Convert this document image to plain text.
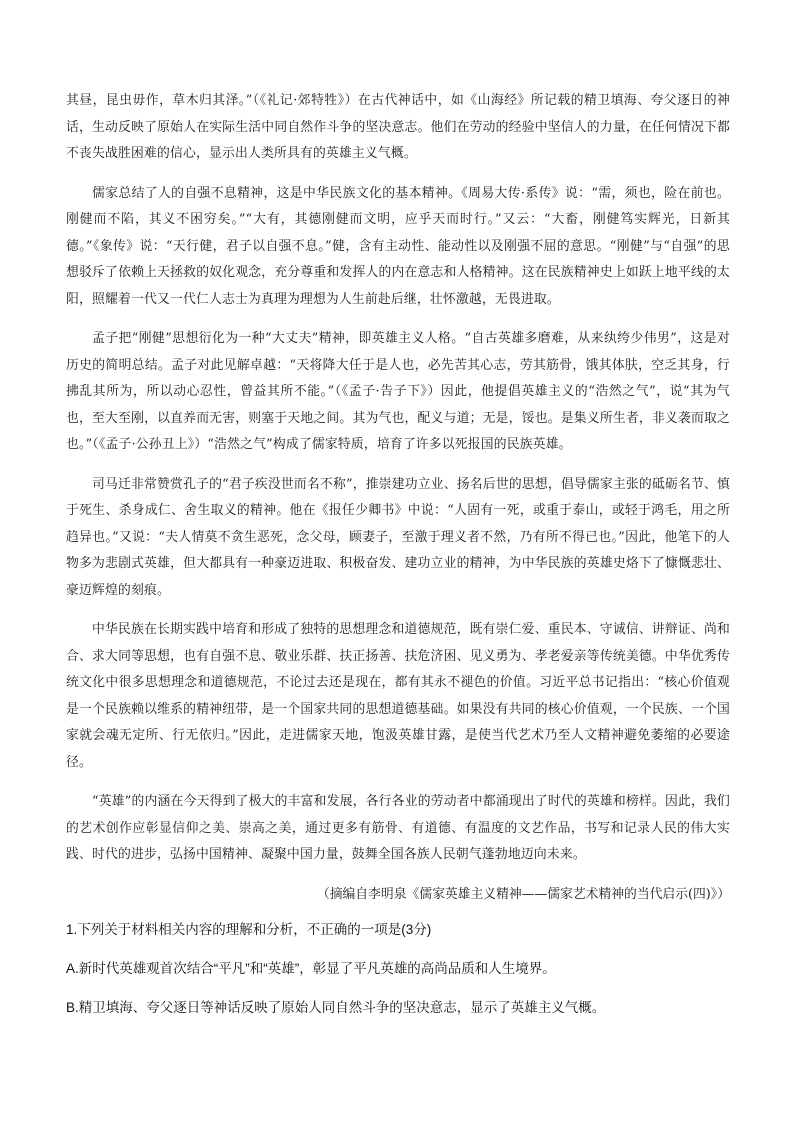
其昼，昆虫毋作，草木归其泽。”（《礼记·郊特牲》）在古代神话中，如《山海经》所记载的精卫填海、夸父逐日的神话，生动反映了原始人在实际生活中同自然作斗争的坚决意志。他们在劳动的经验中坚信人的力量，在任何情况下都不丧失战胜困难的信心，显示出人类所具有的英雄主义气概。

儒家总结了人的自强不息精神，这是中华民族文化的基本精神。《周易大传·系传》说：“需，须也，险在前也。刚健而不陷，其义不困穷矣。”“大有，其德刚健而文明，应乎天而时行。”又云：“大畜，刚健笃实辉光，日新其德。”《象传》说：“天行健，君子以自强不息。”健，含有主动性、能动性以及刚强不屈的意思。“刚健”与“自强”的思想驳斥了依赖上天拯救的奴化观念，充分尊重和发挥人的内在意志和人格精神。这在民族精神史上如跃上地平线的太阳，照耀着一代又一代仁人志士为真理为理想为人生前赴后继，壮怀激越，无畏进取。

孟子把“刚健”思想衍化为一种“大丈夫”精神，即英雄主义人格。“自古英雄多磨难，从来纨绔少伟男”，这是对历史的简明总结。孟子对此见解卓越：“天将降大任于是人也，必先苦其心志，劳其筋骨，饿其体肤，空乏其身，行拂乱其所为，所以动心忍性，曾益其所不能。”（《孟子·告子下》）因此，他提倡英雄主义的“浩然之气”，说“其为气也，至大至刚，以直养而无害，则塞于天地之间。其为气也，配义与道；无是，馁也。是集义所生者，非义袭而取之也。”（《孟子·公孙丑上》）“浩然之气”构成了儒家特质，培育了许多以死报国的民族英雄。

司马迁非常赞赏孔子的“君子疾没世而名不称”，推崇建功立业、扬名后世的思想，倡导儒家主张的砥砺名节、慎于死生、杀身成仁、舍生取义的精神。他在《报任少卿书》中说：“人固有一死，或重于泰山，或轻于鸿毛，用之所趋异也。”又说：“夫人情莫不贪生恶死，念父母，顾妻子，至激于理义者不然，乃有所不得已也。”因此，他笔下的人物多为悲剧式英雄，但大都具有一种豪迈进取、积极奋发、建功立业的精神，为中华民族的英雄史烙下了慷慨悲壮、豪迈辉煌的刻痕。

中华民族在长期实践中培育和形成了独特的思想理念和道德规范，既有崇仁爱、重民本、守诚信、讲辩证、尚和合、求大同等思想，也有自强不息、敬业乐群、扶正扬善、扶危济困、见义勇为、孝老爱亲等传统美德。中华优秀传统文化中很多思想理念和道德规范，不论过去还是现在，都有其永不褪色的价值。习近平总书记指出：“核心价值观是一个民族赖以维系的精神纽带，是一个国家共同的思想道德基础。如果没有共同的核心价值观，一个民族、一个国家就会魂无定所、行无依归。”因此，走进儒家天地，饱汲英雄甘露，是使当代艺术乃至人文精神避免萎缩的必要途径。

“英雄”的内涵在今天得到了极大的丰富和发展，各行各业的劳动者中都涌现出了时代的英雄和榜样。因此，我们的艺术创作应彰显信仰之美、崇高之美，通过更多有筋骨、有道德、有温度的文艺作品，书写和记录人民的伟大实践、时代的进步，弘扬中国精神、凝聚中国力量，鼓舞全国各族人民朝气蓬勃地迈向未来。

（摘编自李明泉《儒家英雄主义精神——儒家艺术精神的当代启示(四)》）

1.下列关于材料相关内容的理解和分析，不正确的一项是(3分)

A.新时代英雄观首次结合“平凡”和“英雄”，彰显了平凡英雄的高尚品质和人生境界。

B.精卫填海、夸父逐日等神话反映了原始人同自然斗争的坚决意志，显示了英雄主义气概。
